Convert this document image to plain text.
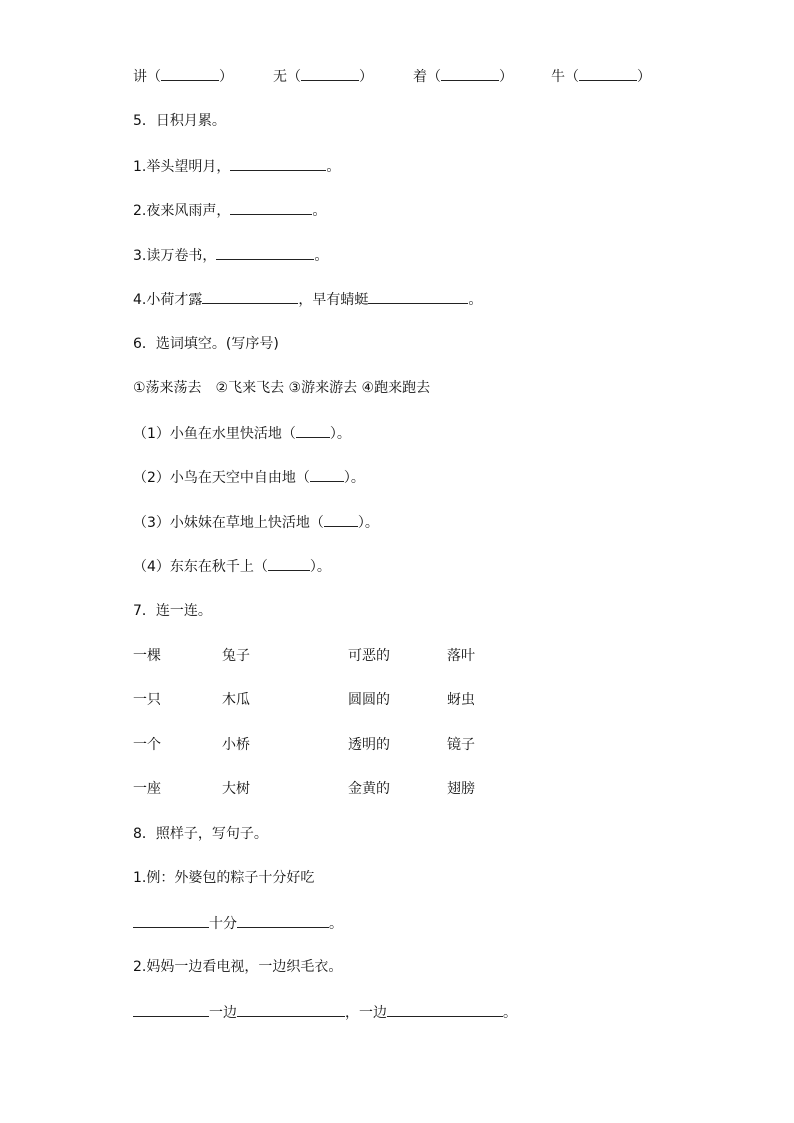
讲（	）	无（	）	着（	）	牛（	）
5．日积月累。
1.举头望明月，	。
2.夜来风雨声，	。
3.读万卷书，	。
4.小荷才露	，早有蜻蜓	。
6．选词填空。(写序号)
①荡来荡去　②飞来飞去 ③游来游去 ④跑来跑去
（1）小鱼在水里快活地（ ）。
（2）小鸟在天空中自由地（ ）。
（3）小妹妹在草地上快活地（ ）。
（4）东东在秋千上（	）。
7．连一连。
一棵	兔子	可恶的	落叶
一只	木瓜	圆圆的	蚜虫
一个	小桥	透明的	镜子
一座	大树	金黄的	翅膀
8．照样子，写句子。
1.例：外婆包的粽子十分好吃
十分	。
2.妈妈一边看电视，一边织毛衣。
一边	，一边	。
